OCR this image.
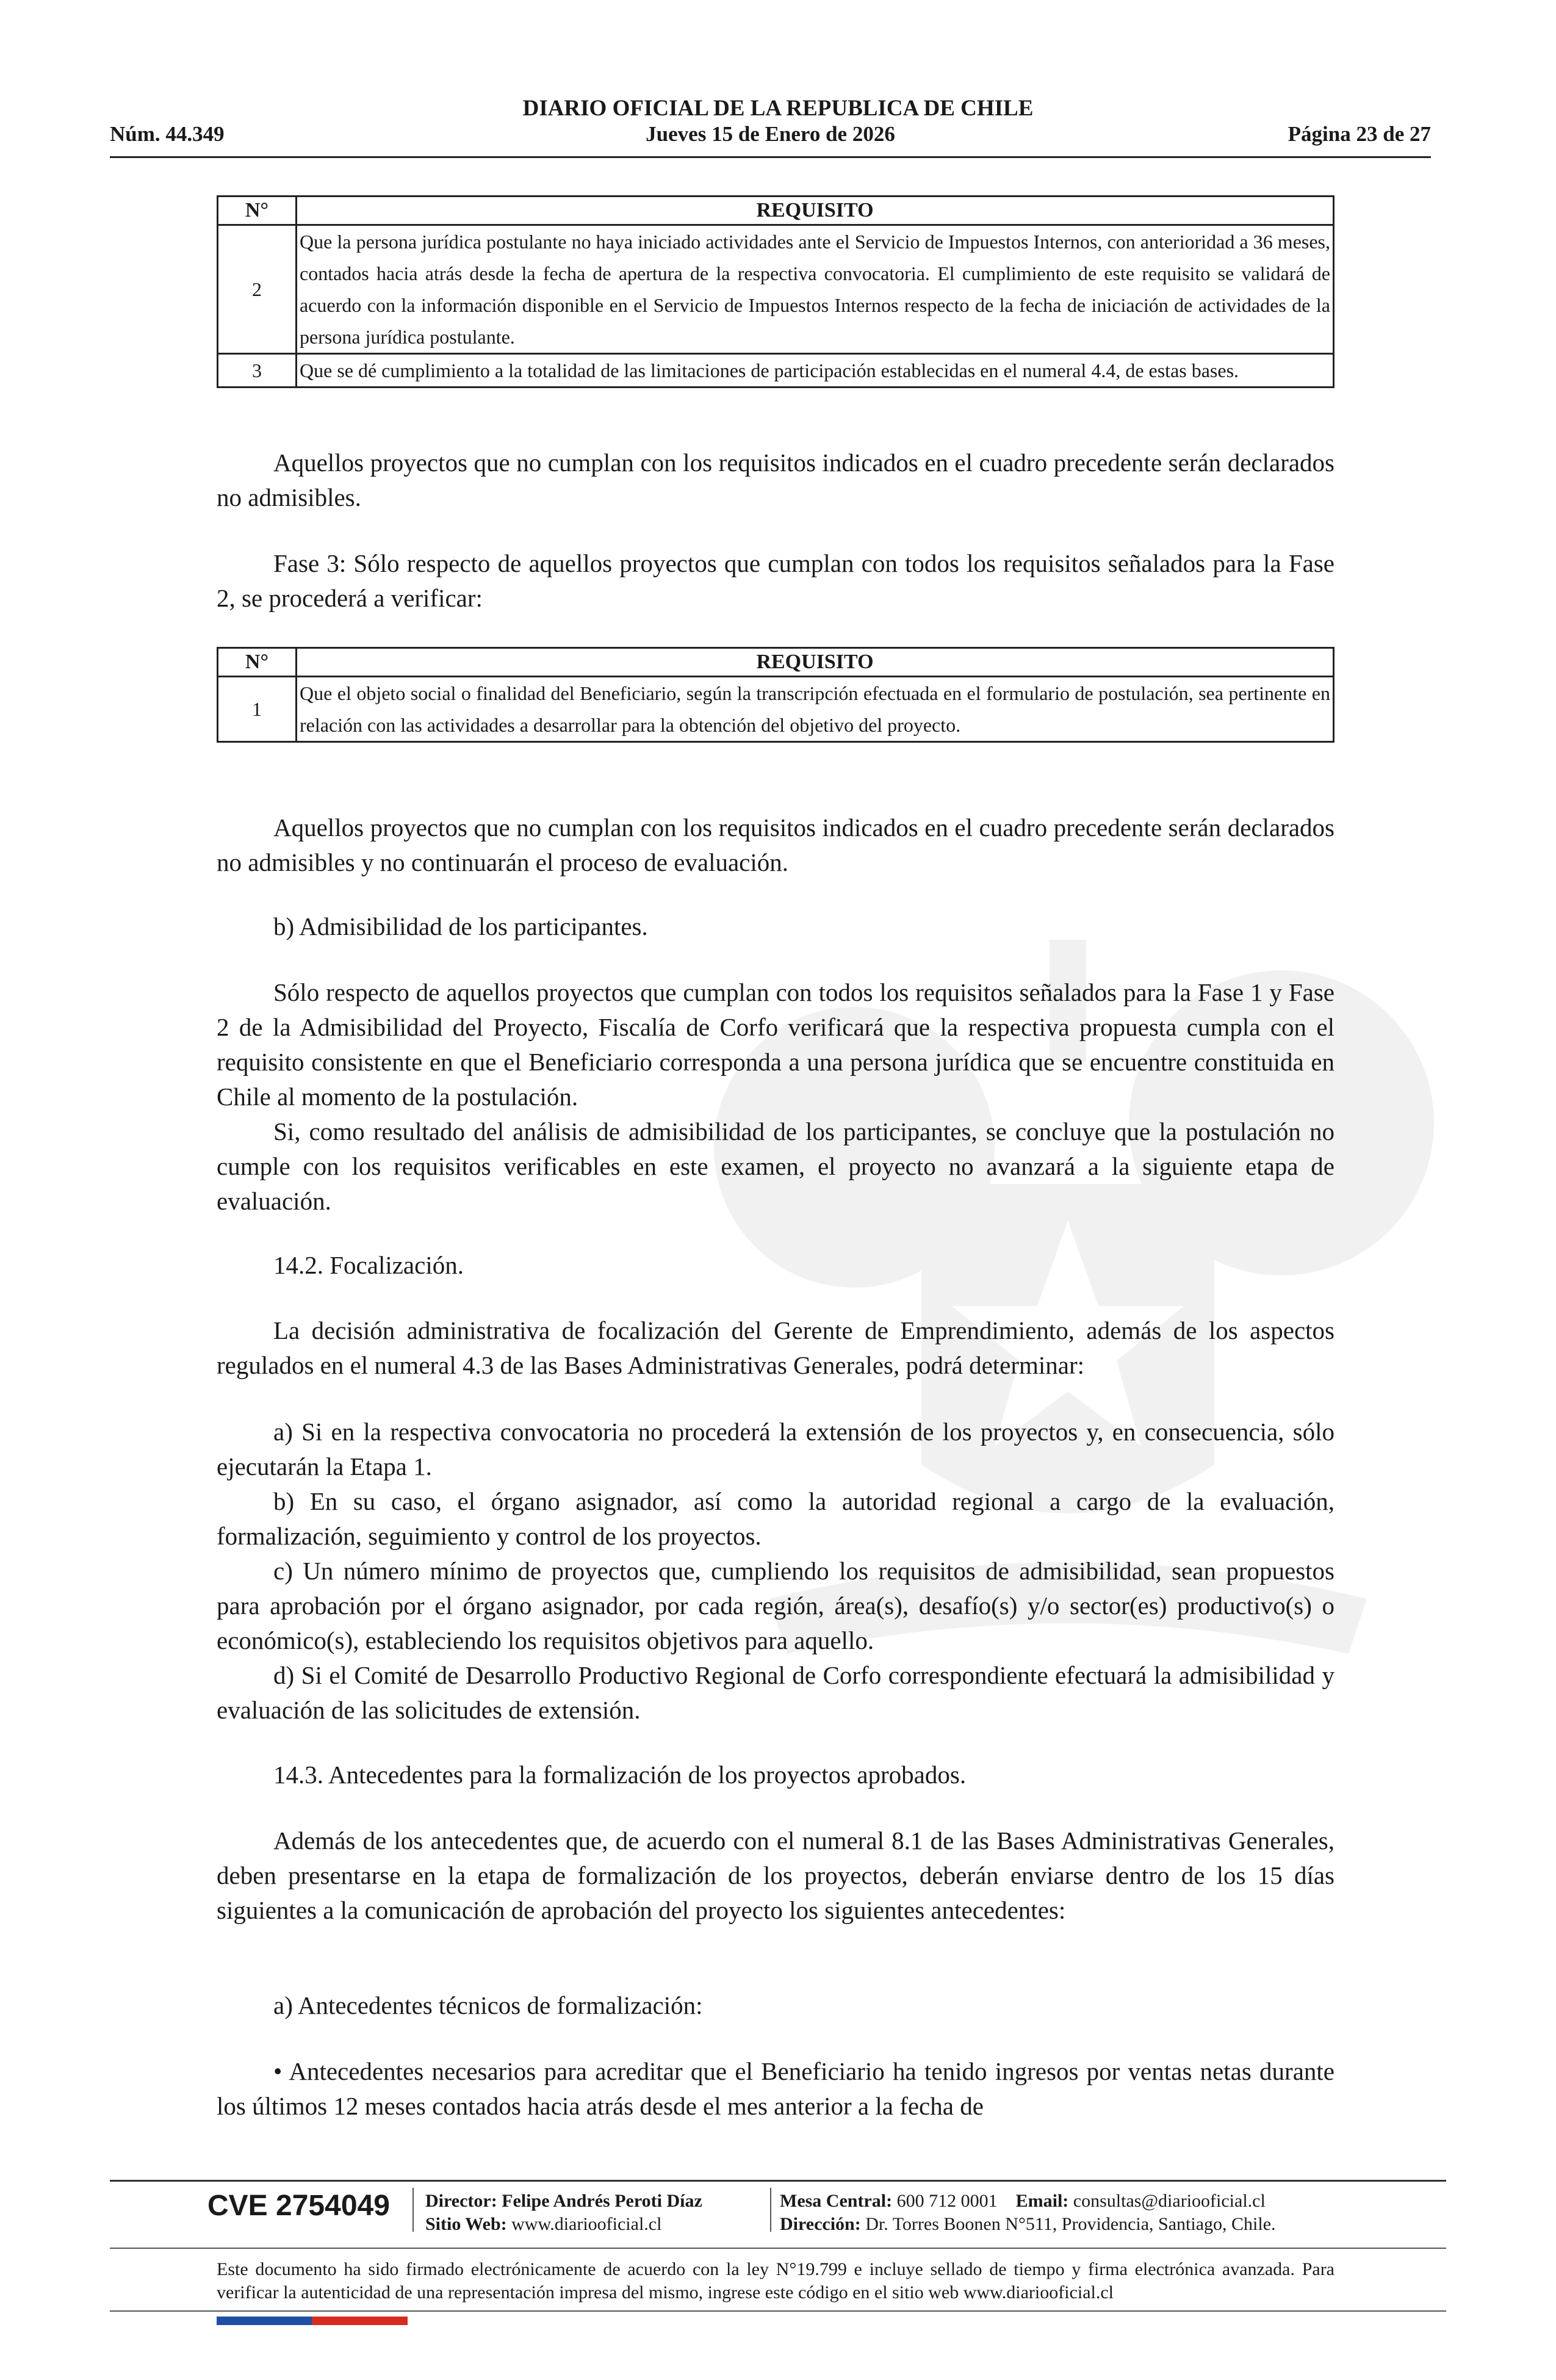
DIARIO OFICIAL DE LA REPUBLICA DE CHILE
Núm. 44.349	Jueves 15 de Enero de 2026	Página 23 de 27
N°	REQUISITO
2	Que la persona jurídica postulante no haya iniciado actividades ante el Servicio de Impuestos Internos, con anterioridad a 36 meses, contados hacia atrás desde la fecha de apertura de la respectiva convocatoria. El cumplimiento de este requisito se validará de acuerdo con la información disponible en el Servicio de Impuestos Internos respecto de la fecha de iniciación de actividades de la persona jurídica postulante.
3	Que se dé cumplimiento a la totalidad de las limitaciones de participación establecidas en el numeral 4.4, de estas bases.

Aquellos proyectos que no cumplan con los requisitos indicados en el cuadro precedente serán declarados no admisibles.

Fase 3: Sólo respecto de aquellos proyectos que cumplan con todos los requisitos señalados para la Fase 2, se procederá a verificar:

N°	REQUISITO
1	Que el objeto social o finalidad del Beneficiario, según la transcripción efectuada en el formulario de postulación, sea pertinente en relación con las actividades a desarrollar para la obtención del objetivo del proyecto.

Aquellos proyectos que no cumplan con los requisitos indicados en el cuadro precedente serán declarados no admisibles y no continuarán el proceso de evaluación.

b) Admisibilidad de los participantes.

Sólo respecto de aquellos proyectos que cumplan con todos los requisitos señalados para la Fase 1 y Fase 2 de la Admisibilidad del Proyecto, Fiscalía de Corfo verificará que la respectiva propuesta cumpla con el requisito consistente en que el Beneficiario corresponda a una persona jurídica que se encuentre constituida en Chile al momento de la postulación.

Si, como resultado del análisis de admisibilidad de los participantes, se concluye que la postulación no cumple con los requisitos verificables en este examen, el proyecto no avanzará a la siguiente etapa de evaluación.

14.2. Focalización.

La decisión administrativa de focalización del Gerente de Emprendimiento, además de los aspectos regulados en el numeral 4.3 de las Bases Administrativas Generales, podrá determinar:

a) Si en la respectiva convocatoria no procederá la extensión de los proyectos y, en consecuencia, sólo ejecutarán la Etapa 1.

b) En su caso, el órgano asignador, así como la autoridad regional a cargo de la evaluación, formalización, seguimiento y control de los proyectos.

c) Un número mínimo de proyectos que, cumpliendo los requisitos de admisibilidad, sean propuestos para aprobación por el órgano asignador, por cada región, área(s), desafío(s) y/o sector(es) productivo(s) o económico(s), estableciendo los requisitos objetivos para aquello.

d) Si el Comité de Desarrollo Productivo Regional de Corfo correspondiente efectuará la admisibilidad y evaluación de las solicitudes de extensión.

14.3. Antecedentes para la formalización de los proyectos aprobados.

Además de los antecedentes que, de acuerdo con el numeral 8.1 de las Bases Administrativas Generales, deben presentarse en la etapa de formalización de los proyectos, deberán enviarse dentro de los 15 días siguientes a la comunicación de aprobación del proyecto los siguientes antecedentes:

a) Antecedentes técnicos de formalización:

• Antecedentes necesarios para acreditar que el Beneficiario ha tenido ingresos por ventas netas durante los últimos 12 meses contados hacia atrás desde el mes anterior a la fecha de

CVE 2754049 Director: Felipe Andrés Peroti Díaz
Sitio Web: www.diariooficial.cl
Mesa Central: 600 712 0001 Email: consultas@diariooficial.cl
Dirección: Dr. Torres Boonen N°511, Providencia, Santiago, Chile.
Este documento ha sido firmado electrónicamente de acuerdo con la ley N°19.799 e incluye sellado de tiempo y firma electrónica avanzada. Para verificar la autenticidad de una representación impresa del mismo, ingrese este código en el sitio web www.diariooficial.cl
